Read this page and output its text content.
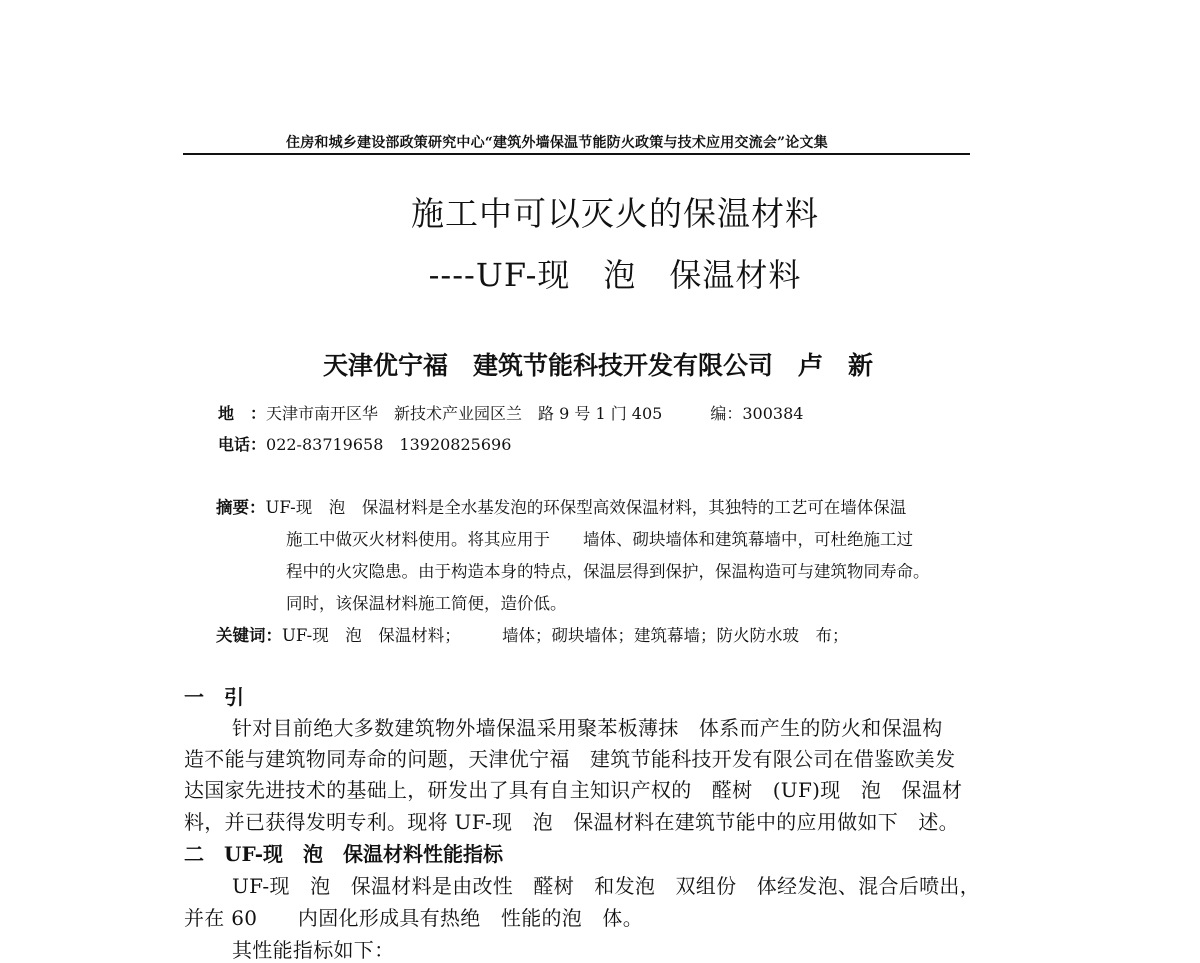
住房和城乡建设部政策研究中心“建筑外墙保温节能防火政策与技术应用交流会”论文集
施工中可以灭火的保温材料
----UF-现　泡　保温材料
天津优宁福　建筑节能科技开发有限公司　卢　新
地　：天津市南开区华　新技术产业园区兰　路 9 号 1 门 405　　　编：300384
电话：022-83719658　13920825696
摘要：UF-现　泡　保温材料是全水基发泡的环保型高效保温材料，其独特的工艺可在墙体保温
施工中做灭火材料使用。将其应用于　　墙体、砌块墙体和建筑幕墙中，可杜绝施工过
程中的火灾隐患。由于构造本身的特点，保温层得到保护，保温构造可与建筑物同寿命。
同时，该保温材料施工简便，造价低。
关键词：UF-现　泡　保温材料；　　　墙体；砌块墙体；建筑幕墙；防火防水玻　布；
一　引
针对目前绝大多数建筑物外墙保温采用聚苯板薄抹　体系而产生的防火和保温构
造不能与建筑物同寿命的问题，天津优宁福　建筑节能科技开发有限公司在借鉴欧美发
达国家先进技术的基础上，研发出了具有自主知识产权的　醛树　(UF)现　泡　保温材
料，并已获得发明专利。现将 UF-现　泡　保温材料在建筑节能中的应用做如下　述。
二　UF-现　泡　保温材料性能指标
UF-现　泡　保温材料是由改性　醛树　和发泡　双组份　体经发泡、混合后喷出，
并在 60　　内固化形成具有热绝　性能的泡　体。
其性能指标如下：
